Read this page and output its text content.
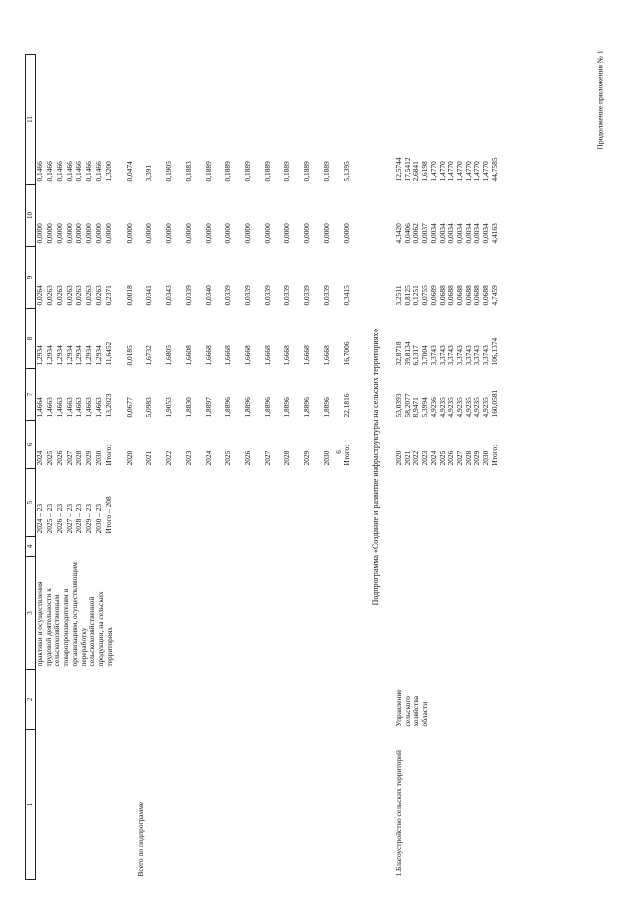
6
Продолжение приложения № 1
1	2	3	4	5	6	7	8	9	10	11
		практики и осуществления трудовой деятельности к сельскохозяйственным товаропроизводителям и организациям, осуществляющим переработку сельскохозяйственной продукции, на сельских территориях		2024 – 23	2024	1,4664	1,2934	0,0264	0,0000	0,1466
				2025 – 23	2025	1,4663	1,2934	0,0263	0,0000	0,1466
				2026 – 23	2026	1,4663	1,2934	0,0263	0,0000	0,1466
				2027 – 23	2027	1,4663	1,2934	0,0263	0,0000	0,1466
				2028 – 23	2028	1,4663	1,2934	0,0263	0,0000	0,1466
				2029 – 23	2029	1,4663	1,2934	0,0263	0,0000	0,1466
				2030 – 23	2030	1,4663	1,2934	0,0263	0,0000	0,1466
				Итого – 208	Итого:	13,2023	11,6452	0,2371	0,0000	1,3200
Всего по подпрограмме					2020	0,0677	0,0185	0,0018	0,0000	0,0474
					2021	5,0983	1,6732	0,0341	0,0000	3,391
					2022	1,9053	1,6805	0,0343	0,0000	0,1905
					2023	1,8830	1,6608	0,0339	0,0000	0,1883
					2024	1,8897	1,6668	0,0340	0,0000	0,1889
					2025	1,8896	1,6668	0,0339	0,0000	0,1889
					2026	1,8896	1,6668	0,0339	0,0000	0,1889
					2027	1,8896	1,6668	0,0339	0,0000	0,1889
					2028	1,8896	1,6668	0,0339	0,0000	0,1889
					2029	1,8896	1,6668	0,0339	0,0000	0,1889
					2030	1,8896	1,6668	0,0339	0,0000	0,1889
					Итого:	22,1816	16,7006	0,3415	0,0000	5,1395
Подпрограмма «Создание и развитие инфраструктуры на сельских территориях»										
1.Благоустройство сельских территорий	Управление сельского хозяйства области				2020	53,0393	32,8718	3,2511	4,3420	12,5744
					2021	58,2077	39,8134	0,8125	0,0406	17,5412
					2022	8,9471	6,1317	0,1251	0,0062	2,6841
					2023	5,3994	3,7004	0,0755	0,0037	1,6198
					2024	4,9236	3,3743	0,0689	0,0034	1,4770
					2025	4,9235	3,3743	0,0688	0,0034	1,4770
					2026	4,9235	3,3743	0,0688	0,0034	1,4770
					2027	4,9235	3,3743	0,0688	0,0034	1,4770
					2028	4,9235	3,3743	0,0688	0,0034	1,4770
					2029	4,9235	3,3743	0,0688	0,0034	1,4770
					2030	4,9235	3,3743	0,0688	0,0034	1,4770
					Итого:	160,0581	106,1374	4,7459	4,4163	44,7585
